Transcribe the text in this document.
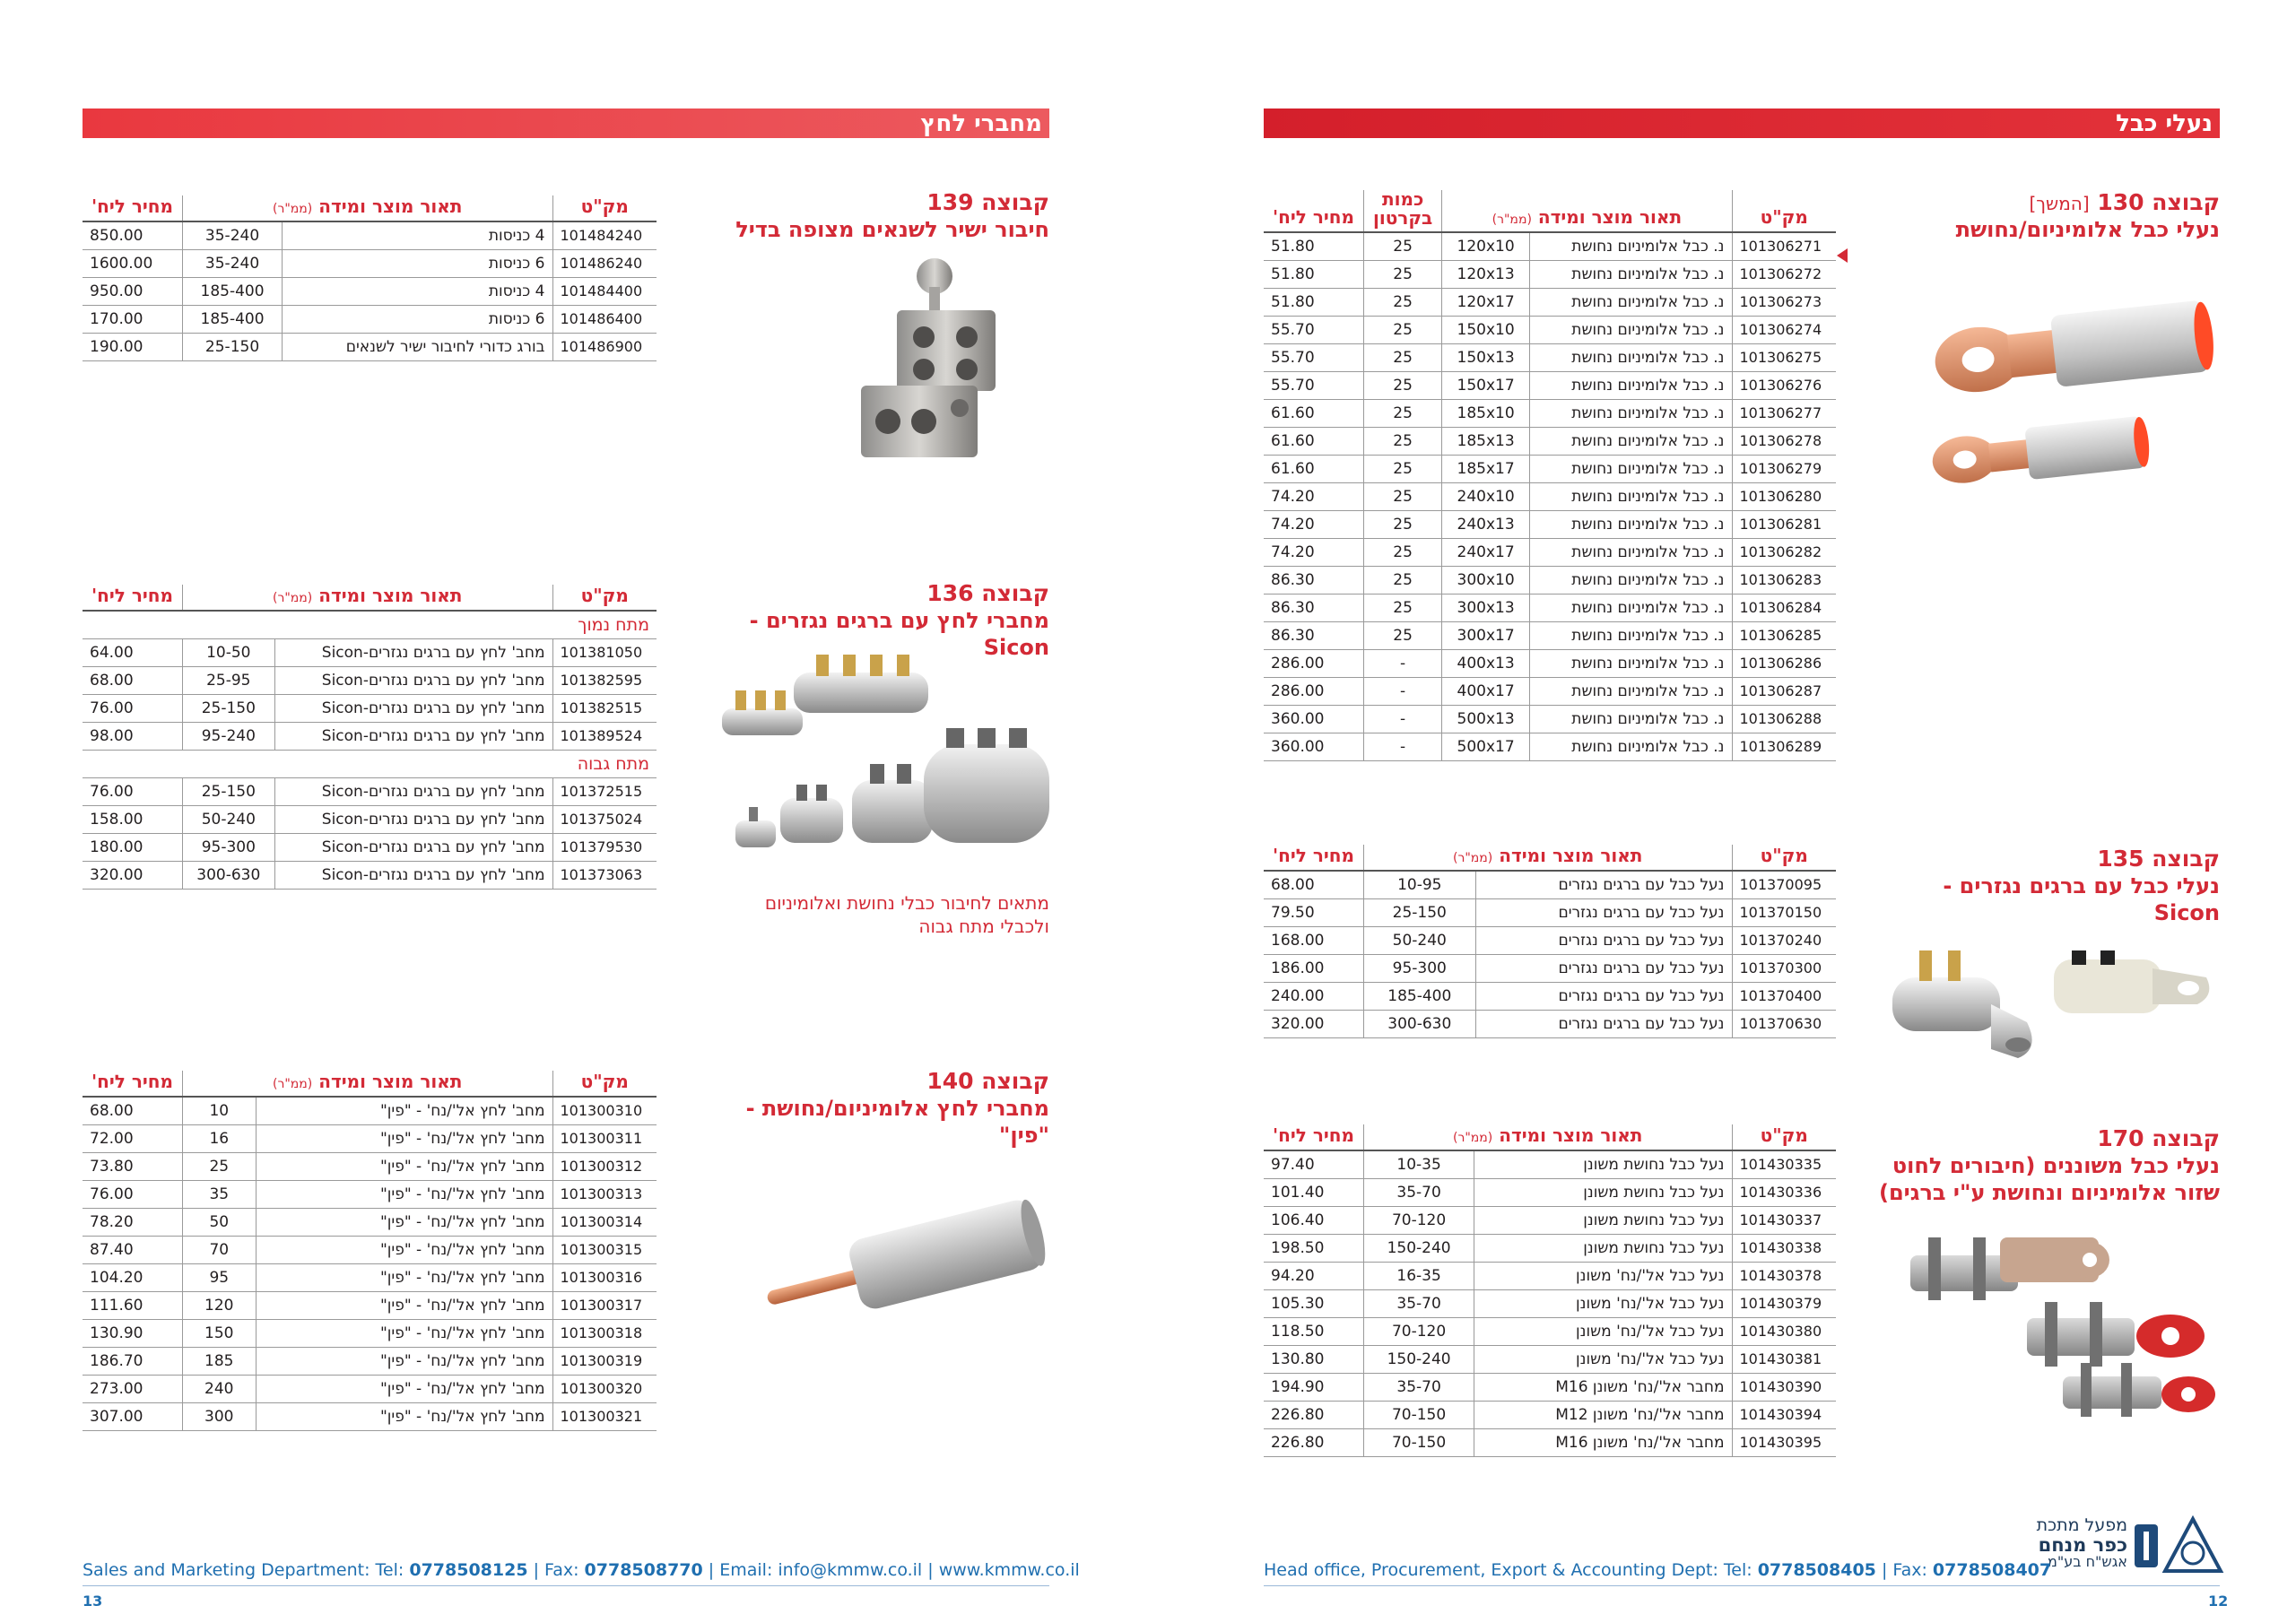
מחברי לחץ
קבוצה 139
חיבור ישיר לשנאים מצופה בדיל
מק"ט	תאור מוצר ומידה (ממ"ר)		מחיר ליח'
101484240	4 כניסות	35-240	850.00
101486240	6 כניסות	35-240	1600.00
101484400	4 כניסות	185-400	950.00
101486400	6 כניסות	185-400	170.00
101486900	בורג כדורי לחיבור ישיר לשנאים	25-150	190.00
קבוצה 136
מחברי לחץ עם ברגים נגזרים -
Sicon
מתאים לחיבור כבלי נחושת ואלומיניום
ולכבלי מתח גבוה
מק"ט	תאור מוצר ומידה (ממ"ר)		מחיר ליח'
מתח נמוך			
101381050	מחב' לחץ עם ברגים נגזרים-Sicon	10-50	64.00
101382595	מחב' לחץ עם ברגים נגזרים-Sicon	25-95	68.00
101382515	מחב' לחץ עם ברגים נגזרים-Sicon	25-150	76.00
101389524	מחב' לחץ עם ברגים נגזרים-Sicon	95-240	98.00
מתח גבוה			
101372515	מחב' לחץ עם ברגים נגזרים-Sicon	25-150	76.00
101375024	מחב' לחץ עם ברגים נגזרים-Sicon	50-240	158.00
101379530	מחב' לחץ עם ברגים נגזרים-Sicon	95-300	180.00
101373063	מחב' לחץ עם ברגים נגזרים-Sicon	300-630	320.00
קבוצה 140
מחברי לחץ אלומיניום/נחושת -
"פין"
מק"ט	תאור מוצר ומידה (ממ"ר)		מחיר ליח'
101300310	מחב' לחץ אל'/נח' - "פין"	10	68.00
101300311	מחב' לחץ אל'/נח' - "פין"	16	72.00
101300312	מחב' לחץ אל'/נח' - "פין"	25	73.80
101300313	מחב' לחץ אל'/נח' - "פין"	35	76.00
101300314	מחב' לחץ אל'/נח' - "פין"	50	78.20
101300315	מחב' לחץ אל'/נח' - "פין"	70	87.40
101300316	מחב' לחץ אל'/נח' - "פין"	95	104.20
101300317	מחב' לחץ אל'/נח' - "פין"	120	111.60
101300318	מחב' לחץ אל'/נח' - "פין"	150	130.90
101300319	מחב' לחץ אל'/נח' - "פין"	185	186.70
101300320	מחב' לחץ אל'/נח' - "פין"	240	273.00
101300321	מחב' לחץ אל'/נח' - "פין"	300	307.00
Sales and Marketing Department: Tel: 0778508125 | Fax: 0778508770 | Email: info@kmmw.co.il | www.kmmw.co.il
13
נעלי כבל
קבוצה 130 [המשך]
נעלי כבל אלומיניום/נחושת
מק"ט	תאור מוצר ומידה (ממ"ר)		כמות
בקרטון	מחיר ליח'
101306271	נ. כבל אלומיניום נחושת	120x10	25	51.80
101306272	נ. כבל אלומיניום נחושת	120x13	25	51.80
101306273	נ. כבל אלומיניום נחושת	120x17	25	51.80
101306274	נ. כבל אלומיניום נחושת	150x10	25	55.70
101306275	נ. כבל אלומיניום נחושת	150x13	25	55.70
101306276	נ. כבל אלומיניום נחושת	150x17	25	55.70
101306277	נ. כבל אלומיניום נחושת	185x10	25	61.60
101306278	נ. כבל אלומיניום נחושת	185x13	25	61.60
101306279	נ. כבל אלומיניום נחושת	185x17	25	61.60
101306280	נ. כבל אלומיניום נחושת	240x10	25	74.20
101306281	נ. כבל אלומיניום נחושת	240x13	25	74.20
101306282	נ. כבל אלומיניום נחושת	240x17	25	74.20
101306283	נ. כבל אלומיניום נחושת	300x10	25	86.30
101306284	נ. כבל אלומיניום נחושת	300x13	25	86.30
101306285	נ. כבל אלומיניום נחושת	300x17	25	86.30
101306286	נ. כבל אלומיניום נחושת	400x13	-	286.00
101306287	נ. כבל אלומיניום נחושת	400x17	-	286.00
101306288	נ. כבל אלומיניום נחושת	500x13	-	360.00
101306289	נ. כבל אלומיניום נחושת	500x17	-	360.00
קבוצה 135
נעלי כבל עם ברגים נגזרים -
Sicon
מק"ט	תאור מוצר ומידה (ממ"ר)		מחיר ליח'
101370095	נעל כבל עם ברגים נגזרים	10-95	68.00
101370150	נעל כבל עם ברגים נגזרים	25-150	79.50
101370240	נעל כבל עם ברגים נגזרים	50-240	168.00
101370300	נעל כבל עם ברגים נגזרים	95-300	186.00
101370400	נעל כבל עם ברגים נגזרים	185-400	240.00
101370630	נעל כבל עם ברגים נגזרים	300-630	320.00
קבוצה 170
נעלי כבל משוננים (חיבורים לחוט
שזור אלומיניום ונחושת ע"י ברגים)
מק"ט	תאור מוצר ומידה (ממ"ר)		מחיר ליח'
101430335	נעל כבל נחושת משונן	10-35	97.40
101430336	נעל כבל נחושת משונן	35-70	101.40
101430337	נעל כבל נחושת משונן	70-120	106.40
101430338	נעל כבל נחושת משונן	150-240	198.50
101430378	נעל כבל אל'/נח' משונן	16-35	94.20
101430379	נעל כבל אל'/נח' משונן	35-70	105.30
101430380	נעל כבל אל'/נח' משונן	70-120	118.50
101430381	נעל כבל אל'/נח' משונן	150-240	130.80
101430390	מחבר אל'/נח' משונן M16	35-70	194.90
101430394	מחבר אל'/נח' משונן M12	70-150	226.80
101430395	מחבר אל'/נח' משונן M16	70-150	226.80
מפעל מתכת
כפר מנחם
אגש"ח בע"מ
Head office, Procurement, Export & Accounting Dept: Tel: 0778508405 | Fax: 0778508407
12
